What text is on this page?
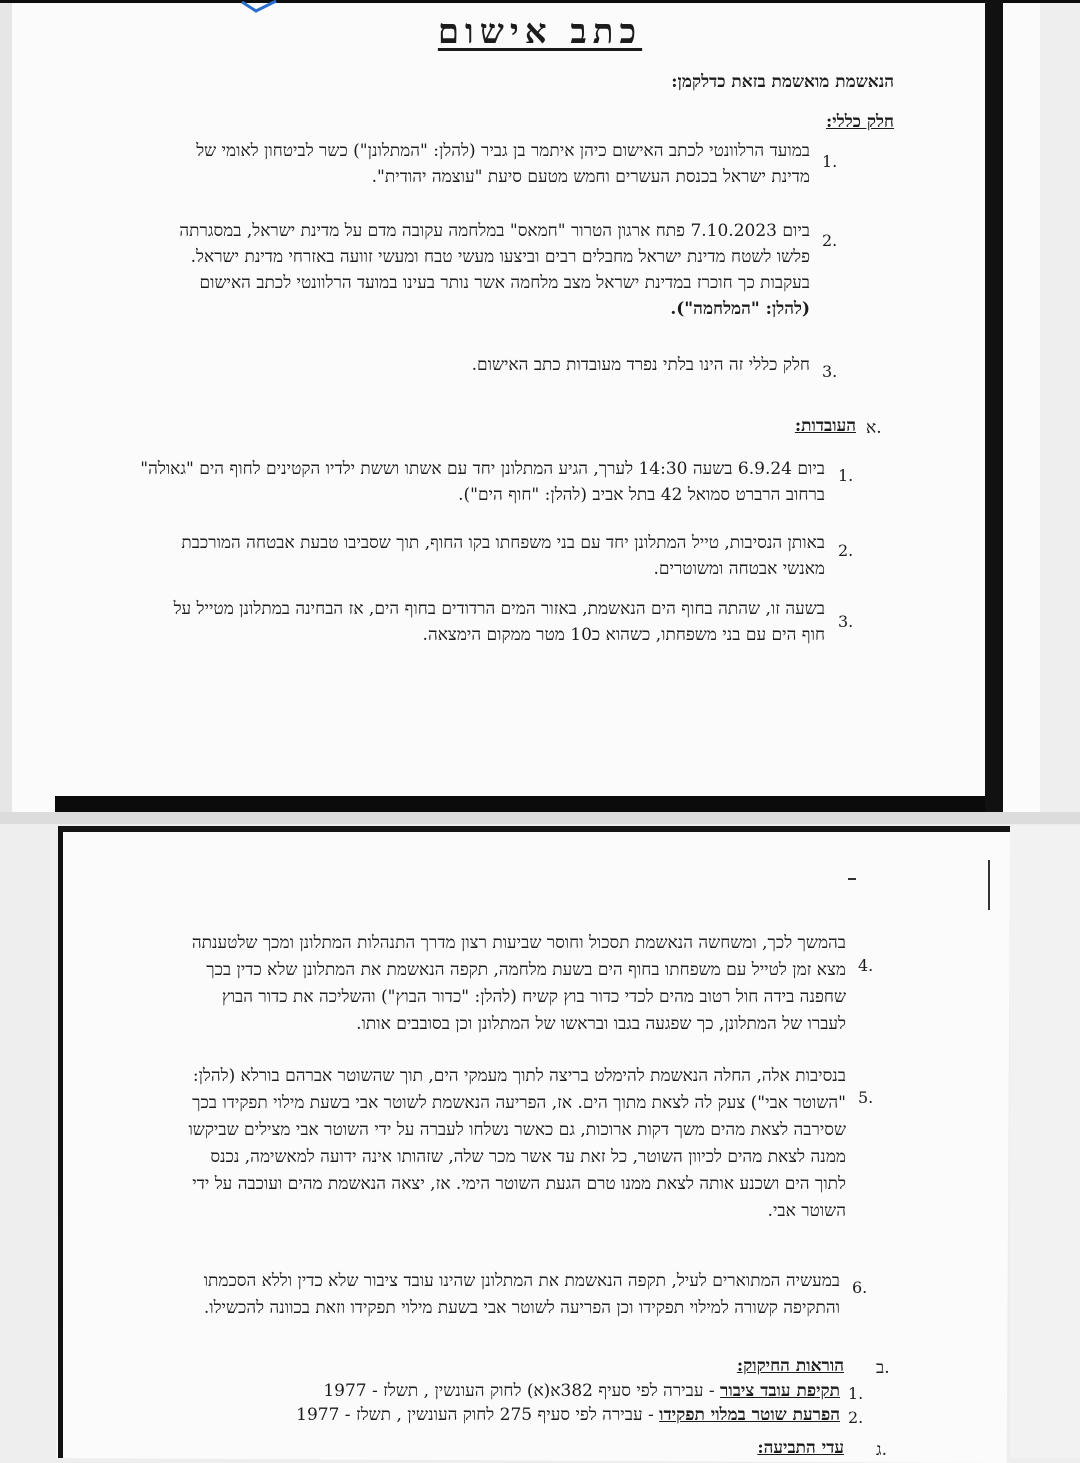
כתב אישום
הנאשמת מואשמת בזאת כדלקמן:
חלק כללי:
1.
במועד הרלוונטי לכתב האישום כיהן איתמר בן גביר (להלן: "המתלונן") כשר לביטחון לאומי של
מדינת ישראל בכנסת העשרים וחמש מטעם סיעת "עוצמה יהודית".
2.
ביום 7.10.2023 פתח ארגון הטרור "חמאס" במלחמה עקובה מדם על מדינת ישראל, במסגרתה
פלשו לשטח מדינת ישראל מחבלים רבים וביצעו מעשי טבח ומעשי זוועה באזרחי מדינת ישראל.
בעקבות כך חוכרז במדינת ישראל מצב מלחמה אשר נותר בעינו במועד הרלוונטי לכתב האישום
(להלן: "המלחמה").
3.
חלק כללי זה הינו בלתי נפרד מעובדות כתב האישום.
א.
העובדות:
1.
ביום 6.9.24 בשעה 14:30 לערך, הגיע המתלונן יחד עם אשתו וששת ילדיו הקטינים לחוף הים "גאולה"
ברחוב הרברט סמואל 42 בתל אביב (להלן: "חוף הים").
2.
באותן הנסיבות, טייל המתלונן יחד עם בני משפחתו בקו החוף, תוך שסביבו טבעת אבטחה המורכבת
מאנשי אבטחה ומשוטרים.
3.
בשעה זו, שהתה בחוף הים הנאשמת, באזור המים הרדודים בחוף הים, אז הבחינה במתלונן מטייל על
חוף הים עם בני משפחתו, כשהוא כ10 מטר ממקום הימצאה.
4.
בהמשך לכך, ומשחשה הנאשמת תסכול וחוסר שביעות רצון מדרך התנהלות המתלונן ומכך שלטענתה
מצא זמן לטייל עם משפחתו בחוף הים בשעת מלחמה, תקפה הנאשמת את המתלונן שלא כדין בכך
שחפנה בידה חול רטוב מהים לכדי כדור בוץ קשיח (להלן: "כדור הבוץ") והשליכה את כדור הבוץ
לעברו של המתלונן, כך שפגעה בגבו ובראשו של המתלונן וכן בסובבים אותו.
5.
בנסיבות אלה, החלה הנאשמת להימלט בריצה לתוך מעמקי הים, תוך שהשוטר אברהם בורלא (להלן:
"השוטר אבי") צעק לה לצאת מתוך הים. אז, הפריעה הנאשמת לשוטר אבי בשעת מילוי תפקידו בכך
שסירבה לצאת מהים משך דקות ארוכות, גם כאשר נשלחו לעברה על ידי השוטר אבי מצילים שביקשו
ממנה לצאת מהים לכיוון השוטר, כל זאת עד אשר מכר שלה, שזהותו אינה ידועה למאשימה, נכנס
לתוך הים ושכנע אותה לצאת ממנו טרם הגעת השוטר הימי. אז, יצאה הנאשמת מהים ועוכבה על ידי
השוטר אבי.
6.
במעשיה המתוארים לעיל, תקפה הנאשמת את המתלונן שהינו עובד ציבור שלא כדין וללא הסכמתו
והתקיפה קשורה למילוי תפקידו וכן הפריעה לשוטר אבי בשעת מילוי תפקידו וזאת בכוונה להכשילו.
ב.
הוראות החיקוק:
1.
תקיפת עובד ציבור - עבירה לפי סעיף 382א(א) לחוק העונשין , תשלז - 1977
2.
הפרעת שוטר במלוי תפקידו - עבירה לפי סעיף 275 לחוק העונשין , תשלז - 1977
ג.
עדי התביעה:
